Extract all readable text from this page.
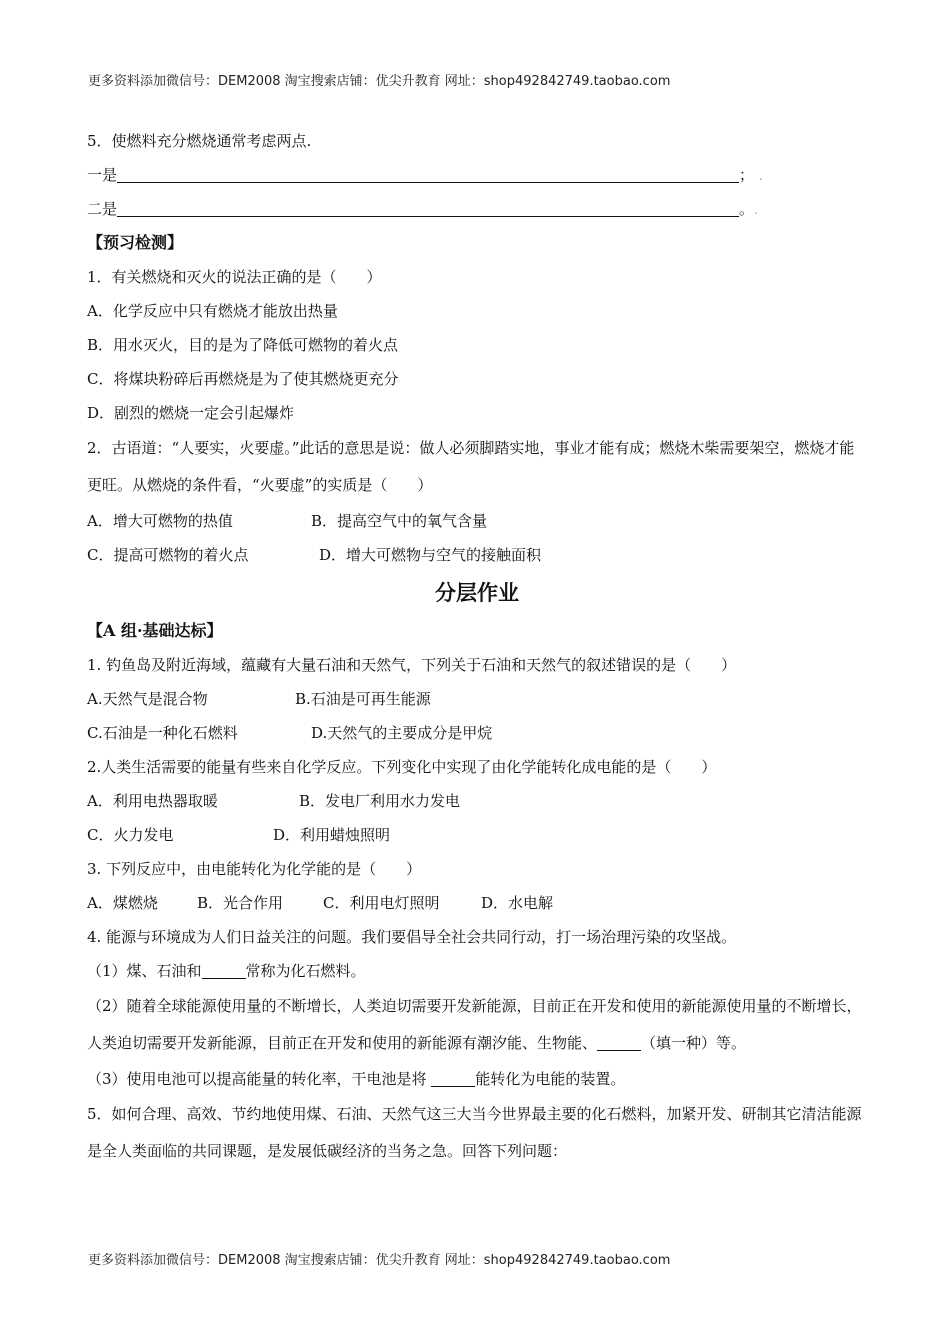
更多资料添加微信号：DEM2008 淘宝搜索店铺：优尖升教育 网址：shop492842749.taobao.com
5．使燃料充分燃烧通常考虑两点.
一是	； .
二是	。.
【预习检测】
1．有关燃烧和灭火的说法正确的是（　　）
A．化学反应中只有燃烧才能放出热量
B．用水灭火，目的是为了降低可燃物的着火点
C．将煤块粉碎后再燃烧是为了使其燃烧更充分
D．剧烈的燃烧一定会引起爆炸
2．古语道：“人要实，火要虚。”此话的意思是说：做人必须脚踏实地，事业才能有成；燃烧木柴需要架空，燃烧才能更旺。从燃烧的条件看，“火要虚”的实质是（　　）
A．增大可燃物的热值	B．提高空气中的氧气含量
C．提高可燃物的着火点	D．增大可燃物与空气的接触面积
分层作业
【A 组·基础达标】
1. 钓鱼岛及附近海域，蕴藏有大量石油和天然气，下列关于石油和天然气的叙述错误的是（　　）
A.天然气是混合物	B.石油是可再生能源
C.石油是一种化石燃料	D.天然气的主要成分是甲烷
2.人类生活需要的能量有些来自化学反应。下列变化中实现了由化学能转化成电能的是（　　）
A．利用电热器取暖	B．发电厂利用水力发电
C．火力发电	D．利用蜡烛照明
3. 下列反应中，由电能转化为化学能的是（　　）
A．煤燃烧	B．光合作用	C．利用电灯照明	D．水电解
4. 能源与环境成为人们日益关注的问题。我们要倡导全社会共同行动，打一场治理污染的攻坚战。
（1）煤、石油和	常称为化石燃料。
（2）随着全球能源使用量的不断增长，人类迫切需要开发新能源，目前正在开发和使用的新能源使用量的不断增长，人类迫切需要开发新能源，目前正在开发和使用的新能源有潮汐能、生物能、	（填一种）等。
（3）使用电池可以提高能量的转化率，干电池是将	能转化为电能的装置。
5．如何合理、高效、节约地使用煤、石油、天然气这三大当今世界最主要的化石燃料，加紧开发、研制其它清洁能源是全人类面临的共同课题，是发展低碳经济的当务之急。回答下列问题：
更多资料添加微信号：DEM2008 淘宝搜索店铺：优尖升教育 网址：shop492842749.taobao.com
